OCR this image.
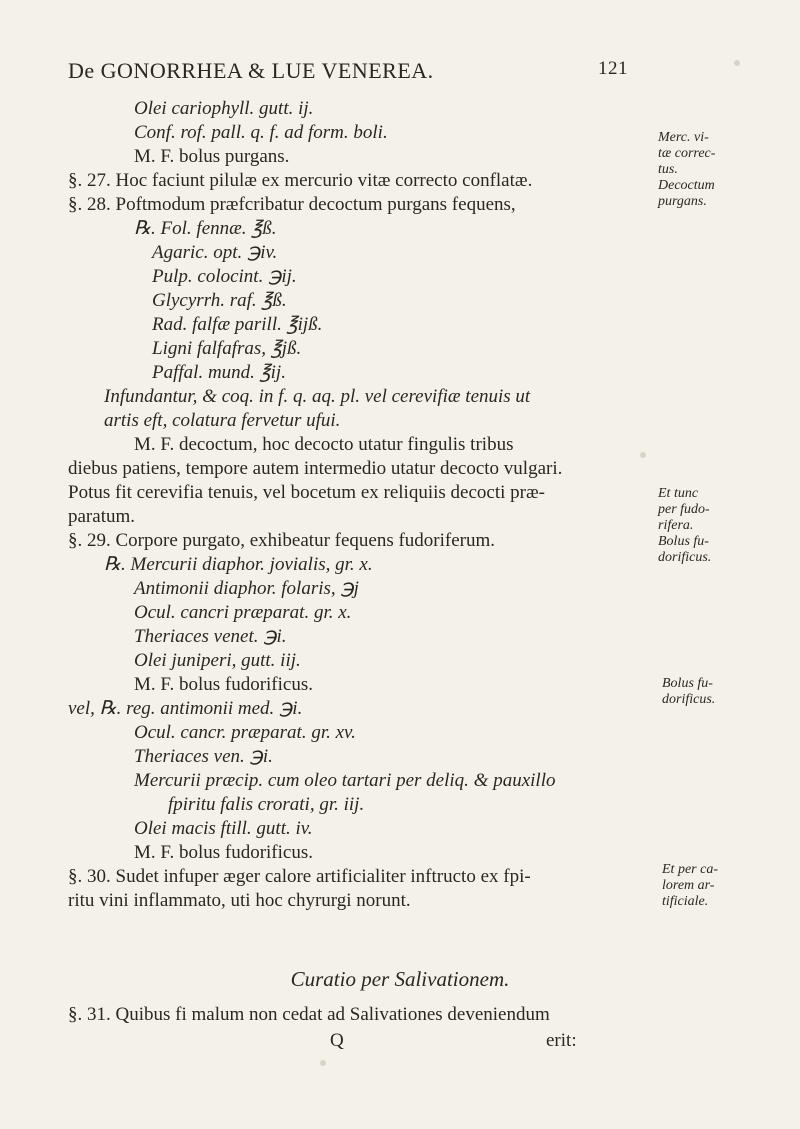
De GONORRHEA & LUE VENEREA.	121
Olei cariophyll. gutt. ij.
Conf. rof. pall. q. f. ad form. boli.
M. F. bolus purgans.
§. 27. Hoc faciunt pilulæ ex mercurio vitæ correcto conflatæ.
§. 28. Poftmodum præfcribatur decoctum purgans fequens,
℞. Fol. fennæ. ℥ß.
Agaric. opt. ℈iv.
Pulp. colocint. ℈ij.
Glycyrrh. raf. ℥ß.
Rad. falfæ parill. ℥ijß.
Ligni falfafras, ℥jß.
Paffal. mund. ℥ij.
Infundantur, & coq. in f. q. aq. pl. vel cerevifiæ tenuis ut
artis eft, colatura fervetur ufui.
M. F. decoctum, hoc decocto utatur fingulis tribus
diebus patiens, tempore autem intermedio utatur decocto vulgari.
Potus fit cerevifia tenuis, vel bocetum ex reliquiis decocti præ-
paratum.
§. 29. Corpore purgato, exhibeatur fequens fudoriferum.
℞. Mercurii diaphor. jovialis, gr. x.
Antimonii diaphor. folaris, ℈j
Ocul. cancri præparat. gr. x.
Theriaces venet. ℈i.
Olei juniperi, gutt. iij.
M. F. bolus fudorificus.
vel, ℞. reg. antimonii med. ℈i.
Ocul. cancr. præparat. gr. xv.
Theriaces ven. ℈i.
Mercurii præcip. cum oleo tartari per deliq. & pauxillo
fpiritu falis crorati, gr. iij.
Olei macis ftill. gutt. iv.
M. F. bolus fudorificus.
§. 30. Sudet infuper æger calore artificialiter inftructo ex fpi-
ritu vini inflammato, uti hoc chyrurgi norunt.
Curatio per Salivationem.
§. 31. Quibus fi malum non cedat ad Salivationes deveniendum
Q	erit:
Merc. vi-
tæ correc-
tus.
Decoctum
purgans.
Et tunc
per fudo-
rifera.
Bolus fu-
dorificus.
Bolus fu-
dorificus.
Et per ca-
lorem ar-
tificiale.
